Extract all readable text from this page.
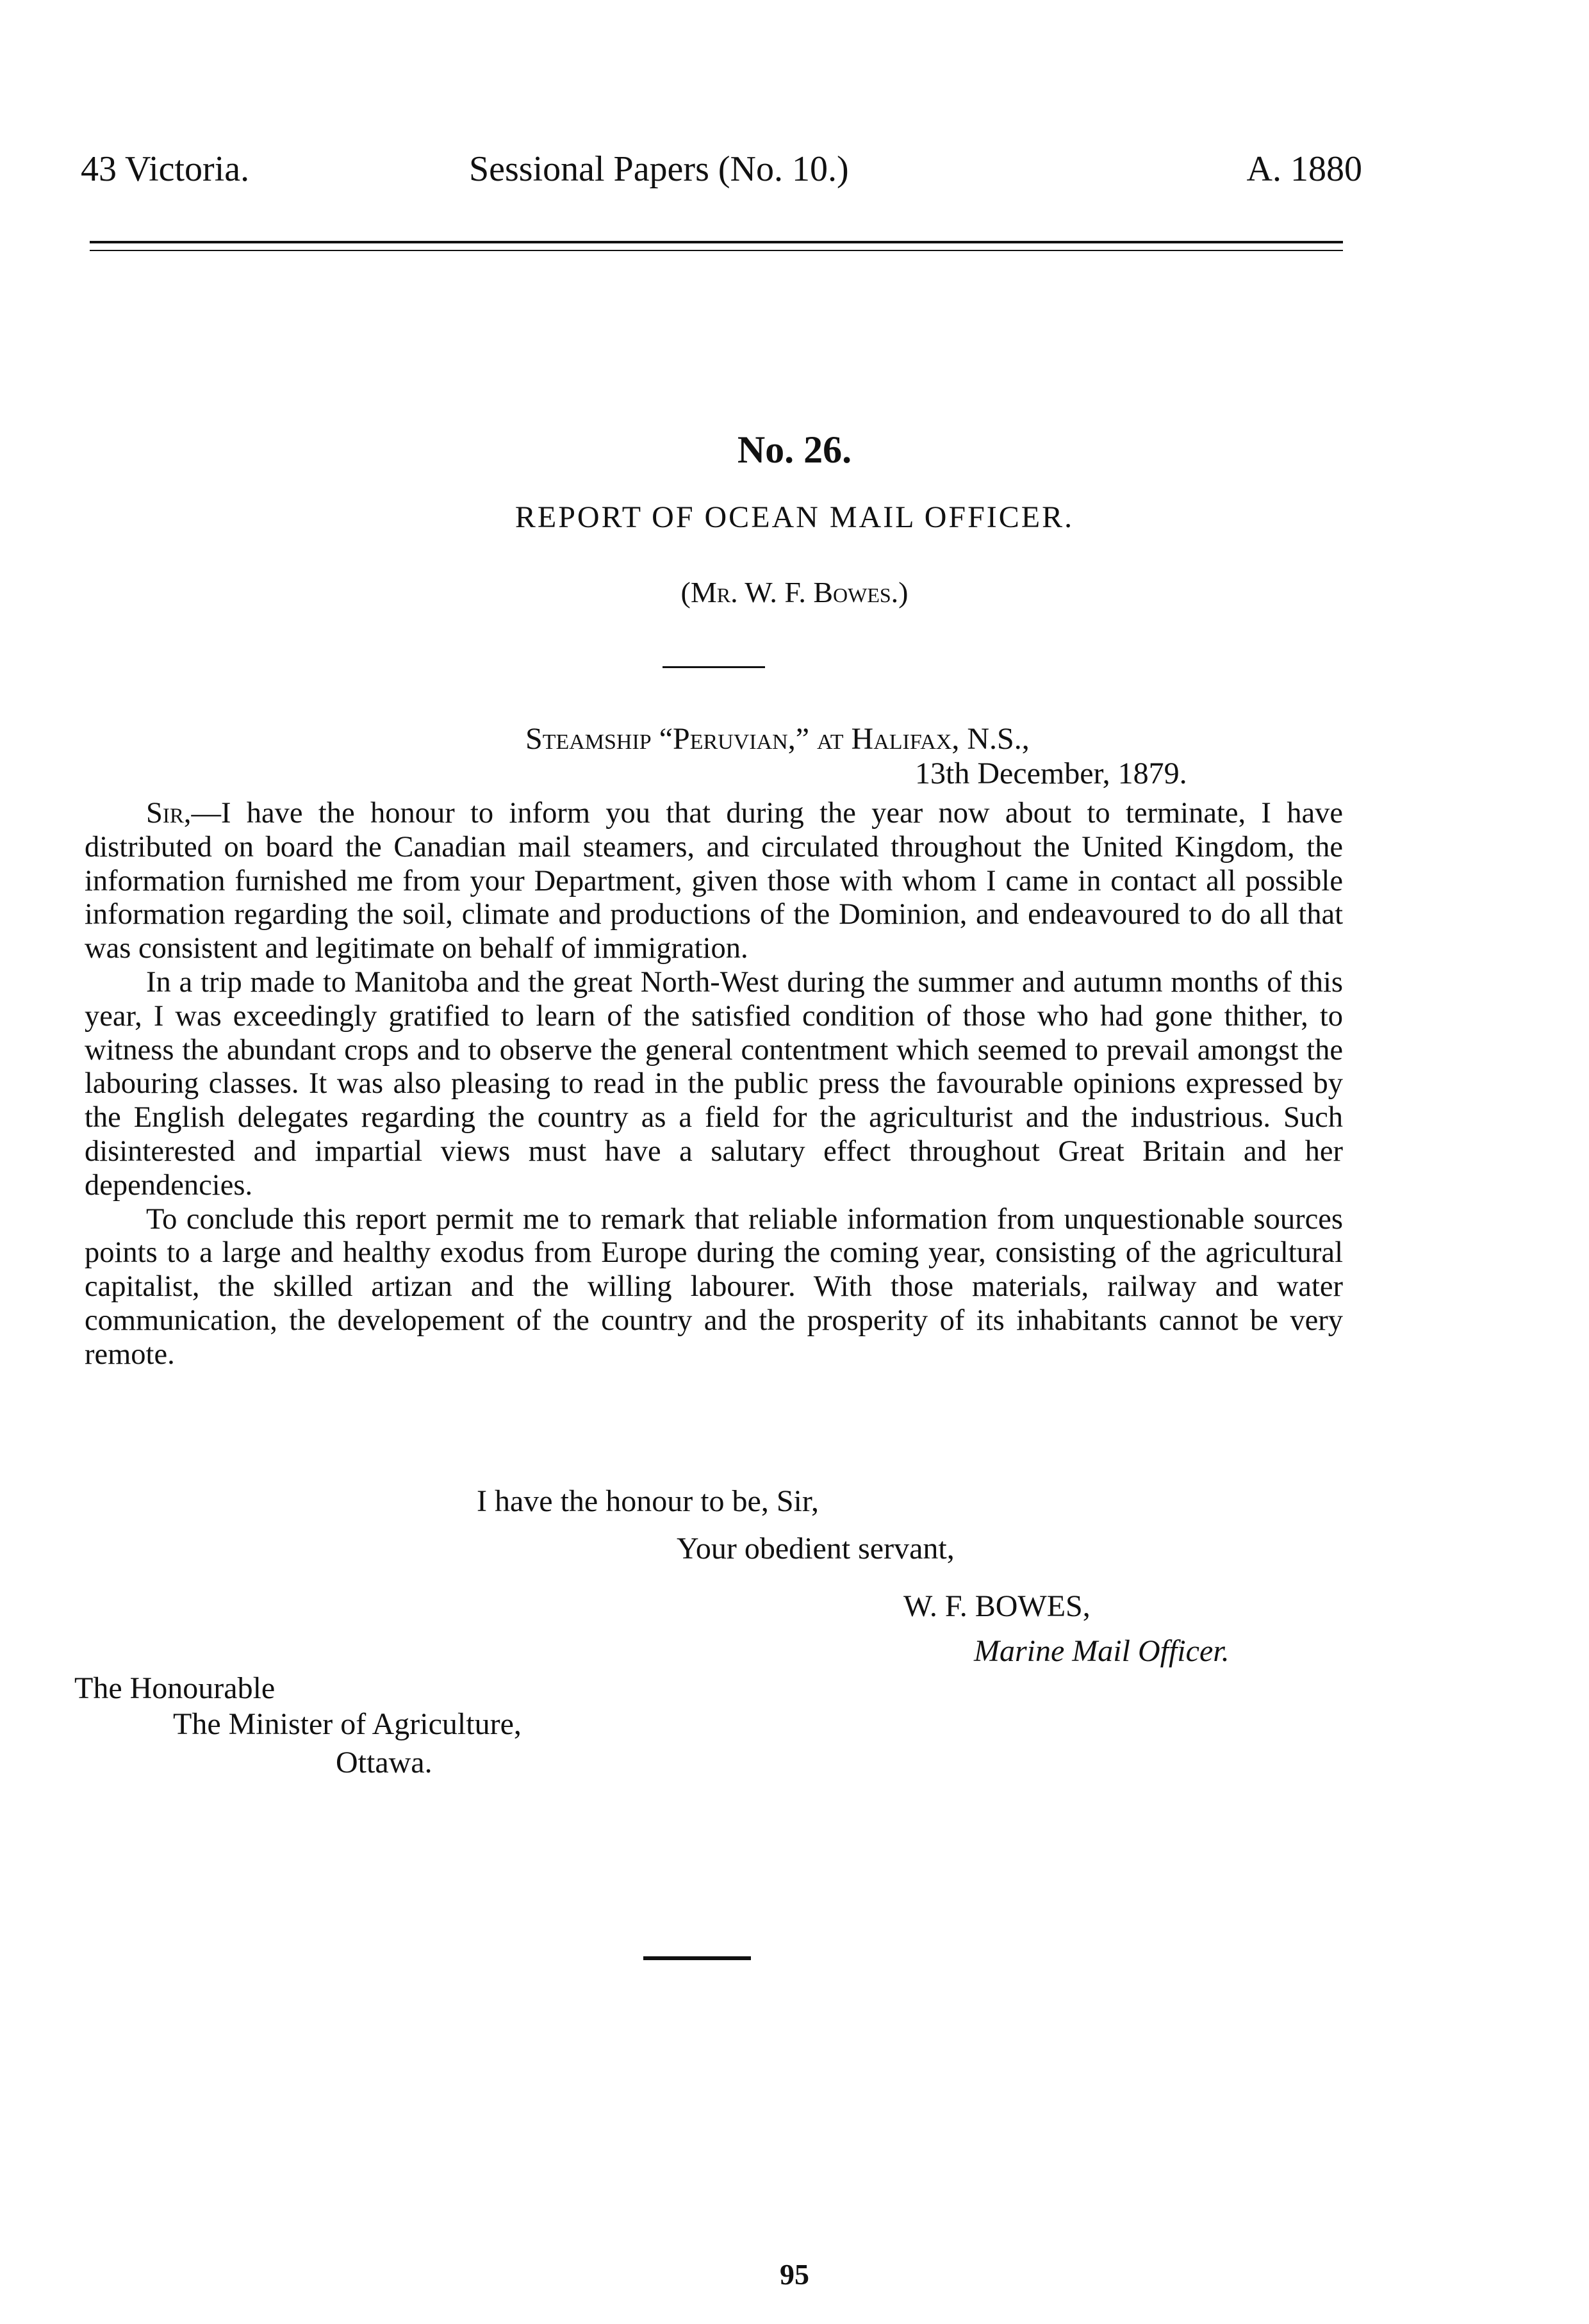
43 Victoria.	Sessional Papers (No. 10.)	A. 1880
No. 26.
REPORT OF OCEAN MAIL OFFICER.
(Mr. W. F. Bowes.)
Steamship “Peruvian,” at Halifax, N.S.,
13th December, 1879.

Sir,—I have the honour to inform you that during the year now about to terminate, I have distributed on board the Canadian mail steamers, and circulated throughout the United Kingdom, the information furnished me from your Department, given those with whom I came in contact all possible information regarding the soil, climate and productions of the Dominion, and endeavoured to do all that was consistent and legitimate on behalf of immigration.

In a trip made to Manitoba and the great North-West during the summer and autumn months of this year, I was exceedingly gratified to learn of the satisfied condition of those who had gone thither, to witness the abundant crops and to observe the general contentment which seemed to prevail amongst the labouring classes. It was also pleasing to read in the public press the favourable opinions expressed by the English delegates regarding the country as a field for the agriculturist and the industrious. Such disinterested and impartial views must have a salutary effect throughout Great Britain and her dependencies.

To conclude this report permit me to remark that reliable information from unquestionable sources points to a large and healthy exodus from Europe during the coming year, consisting of the agricultural capitalist, the skilled artizan and the willing labourer. With those materials, railway and water communication, the developement of the country and the prosperity of its inhabitants cannot be very remote.

I have the honour to be, Sir,
Your obedient servant,
W. F. BOWES,
Marine Mail Officer.
The Honourable
The Minister of Agriculture,
Ottawa.
95
